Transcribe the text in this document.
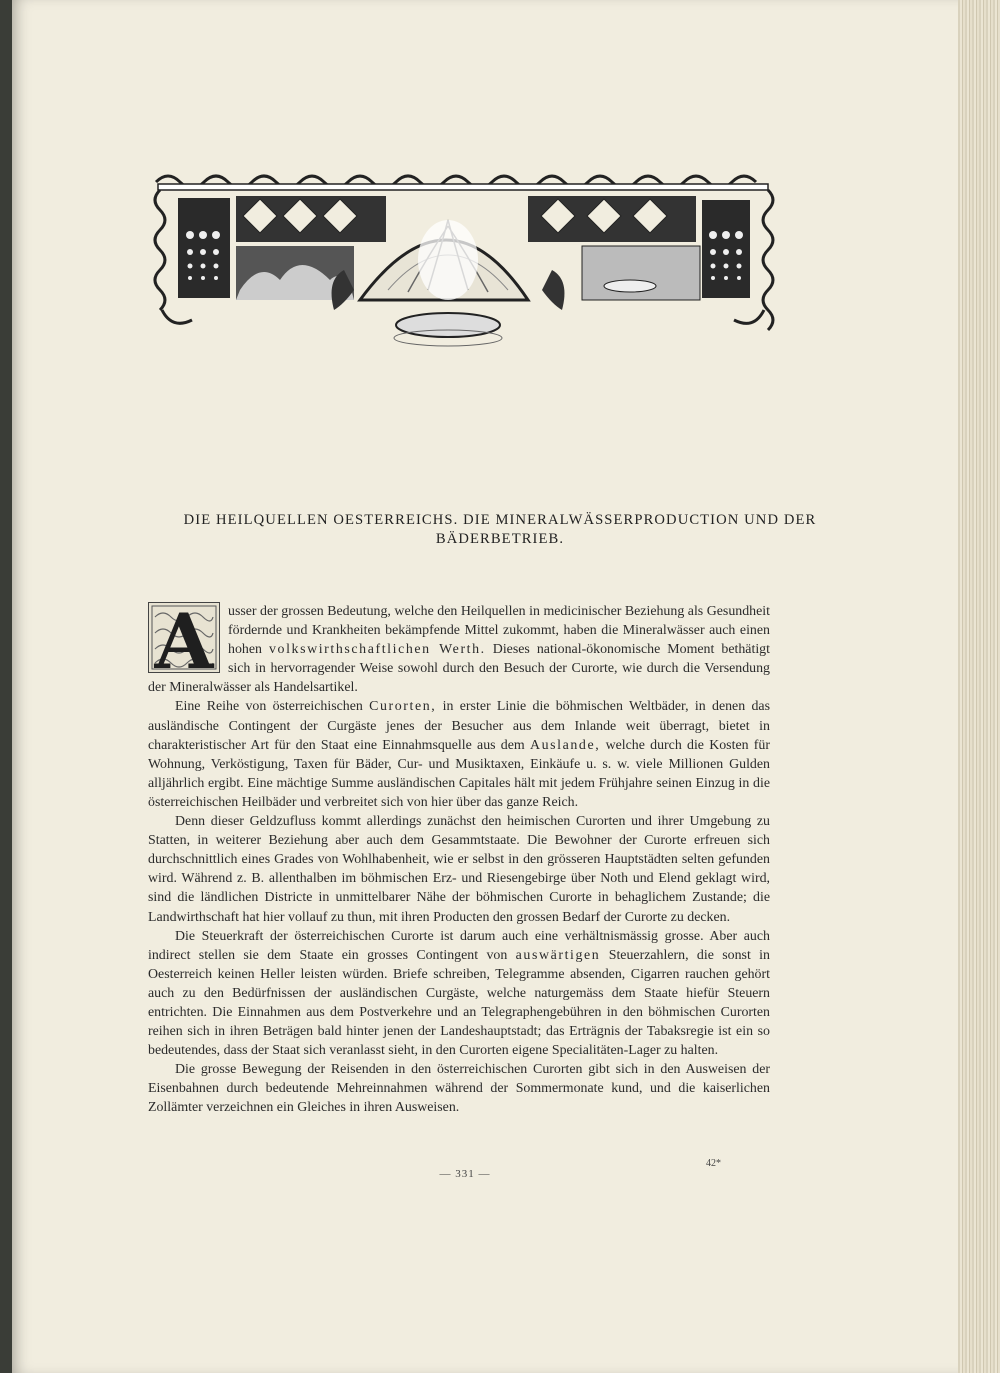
DIE HEILQUELLEN OESTERREICHS. DIE MINERALWÄSSERPRODUCTION UND DER
BÄDERBETRIEB.

A	usser der grossen Bedeutung, welche den Heilquellen in medicinischer Beziehung als Gesundheit fördernde und Krankheiten bekämpfende Mittel zukommt, haben die Mineralwässer auch einen hohen volkswirthschaftlichen Werth. Dieses national-ökonomische Moment bethätigt sich in hervorragender Weise sowohl durch den Besuch der Curorte, wie durch die Versendung der Mineralwässer als Handelsartikel.

Eine Reihe von österreichischen Curorten, in erster Linie die böhmischen Weltbäder, in denen das ausländische Contingent der Curgäste jenes der Besucher aus dem Inlande weit überragt, bietet in charakteristischer Art für den Staat eine Einnahmsquelle aus dem Auslande, welche durch die Kosten für Wohnung, Verköstigung, Taxen für Bäder, Cur- und Musiktaxen, Einkäufe u. s. w. viele Millionen Gulden alljährlich ergibt. Eine mächtige Summe ausländischen Capitales hält mit jedem Frühjahre seinen Einzug in die österreichischen Heilbäder und verbreitet sich von hier über das ganze Reich.

Denn dieser Geldzufluss kommt allerdings zunächst den heimischen Curorten und ihrer Umgebung zu Statten, in weiterer Beziehung aber auch dem Gesammtstaate. Die Bewohner der Curorte erfreuen sich durchschnittlich eines Grades von Wohlhabenheit, wie er selbst in den grösseren Hauptstädten selten gefunden wird. Während z. B. allenthalben im böhmischen Erz- und Riesengebirge über Noth und Elend geklagt wird, sind die ländlichen Districte in unmittelbarer Nähe der böhmischen Curorte in behaglichem Zustande; die Landwirthschaft hat hier vollauf zu thun, mit ihren Producten den grossen Bedarf der Curorte zu decken.

Die Steuerkraft der österreichischen Curorte ist darum auch eine verhältnismässig grosse. Aber auch indirect stellen sie dem Staate ein grosses Contingent von auswärtigen Steuerzahlern, die sonst in Oesterreich keinen Heller leisten würden. Briefe schreiben, Telegramme absenden, Cigarren rauchen gehört auch zu den Bedürfnissen der ausländischen Curgäste, welche naturgemäss dem Staate hiefür Steuern entrichten. Die Einnahmen aus dem Postverkehre und an Telegraphengebühren in den böhmischen Curorten reihen sich in ihren Beträgen bald hinter jenen der Landeshauptstadt; das Erträgnis der Tabaksregie ist ein so bedeutendes, dass der Staat sich veranlasst sieht, in den Curorten eigene Specialitäten-Lager zu halten.

Die grosse Bewegung der Reisenden in den österreichischen Curorten gibt sich in den Ausweisen der Eisenbahnen durch bedeutende Mehreinnahmen während der Sommermonate kund, und die kaiserlichen Zollämter verzeichnen ein Gleiches in ihren Ausweisen.

— 331 —
42*
